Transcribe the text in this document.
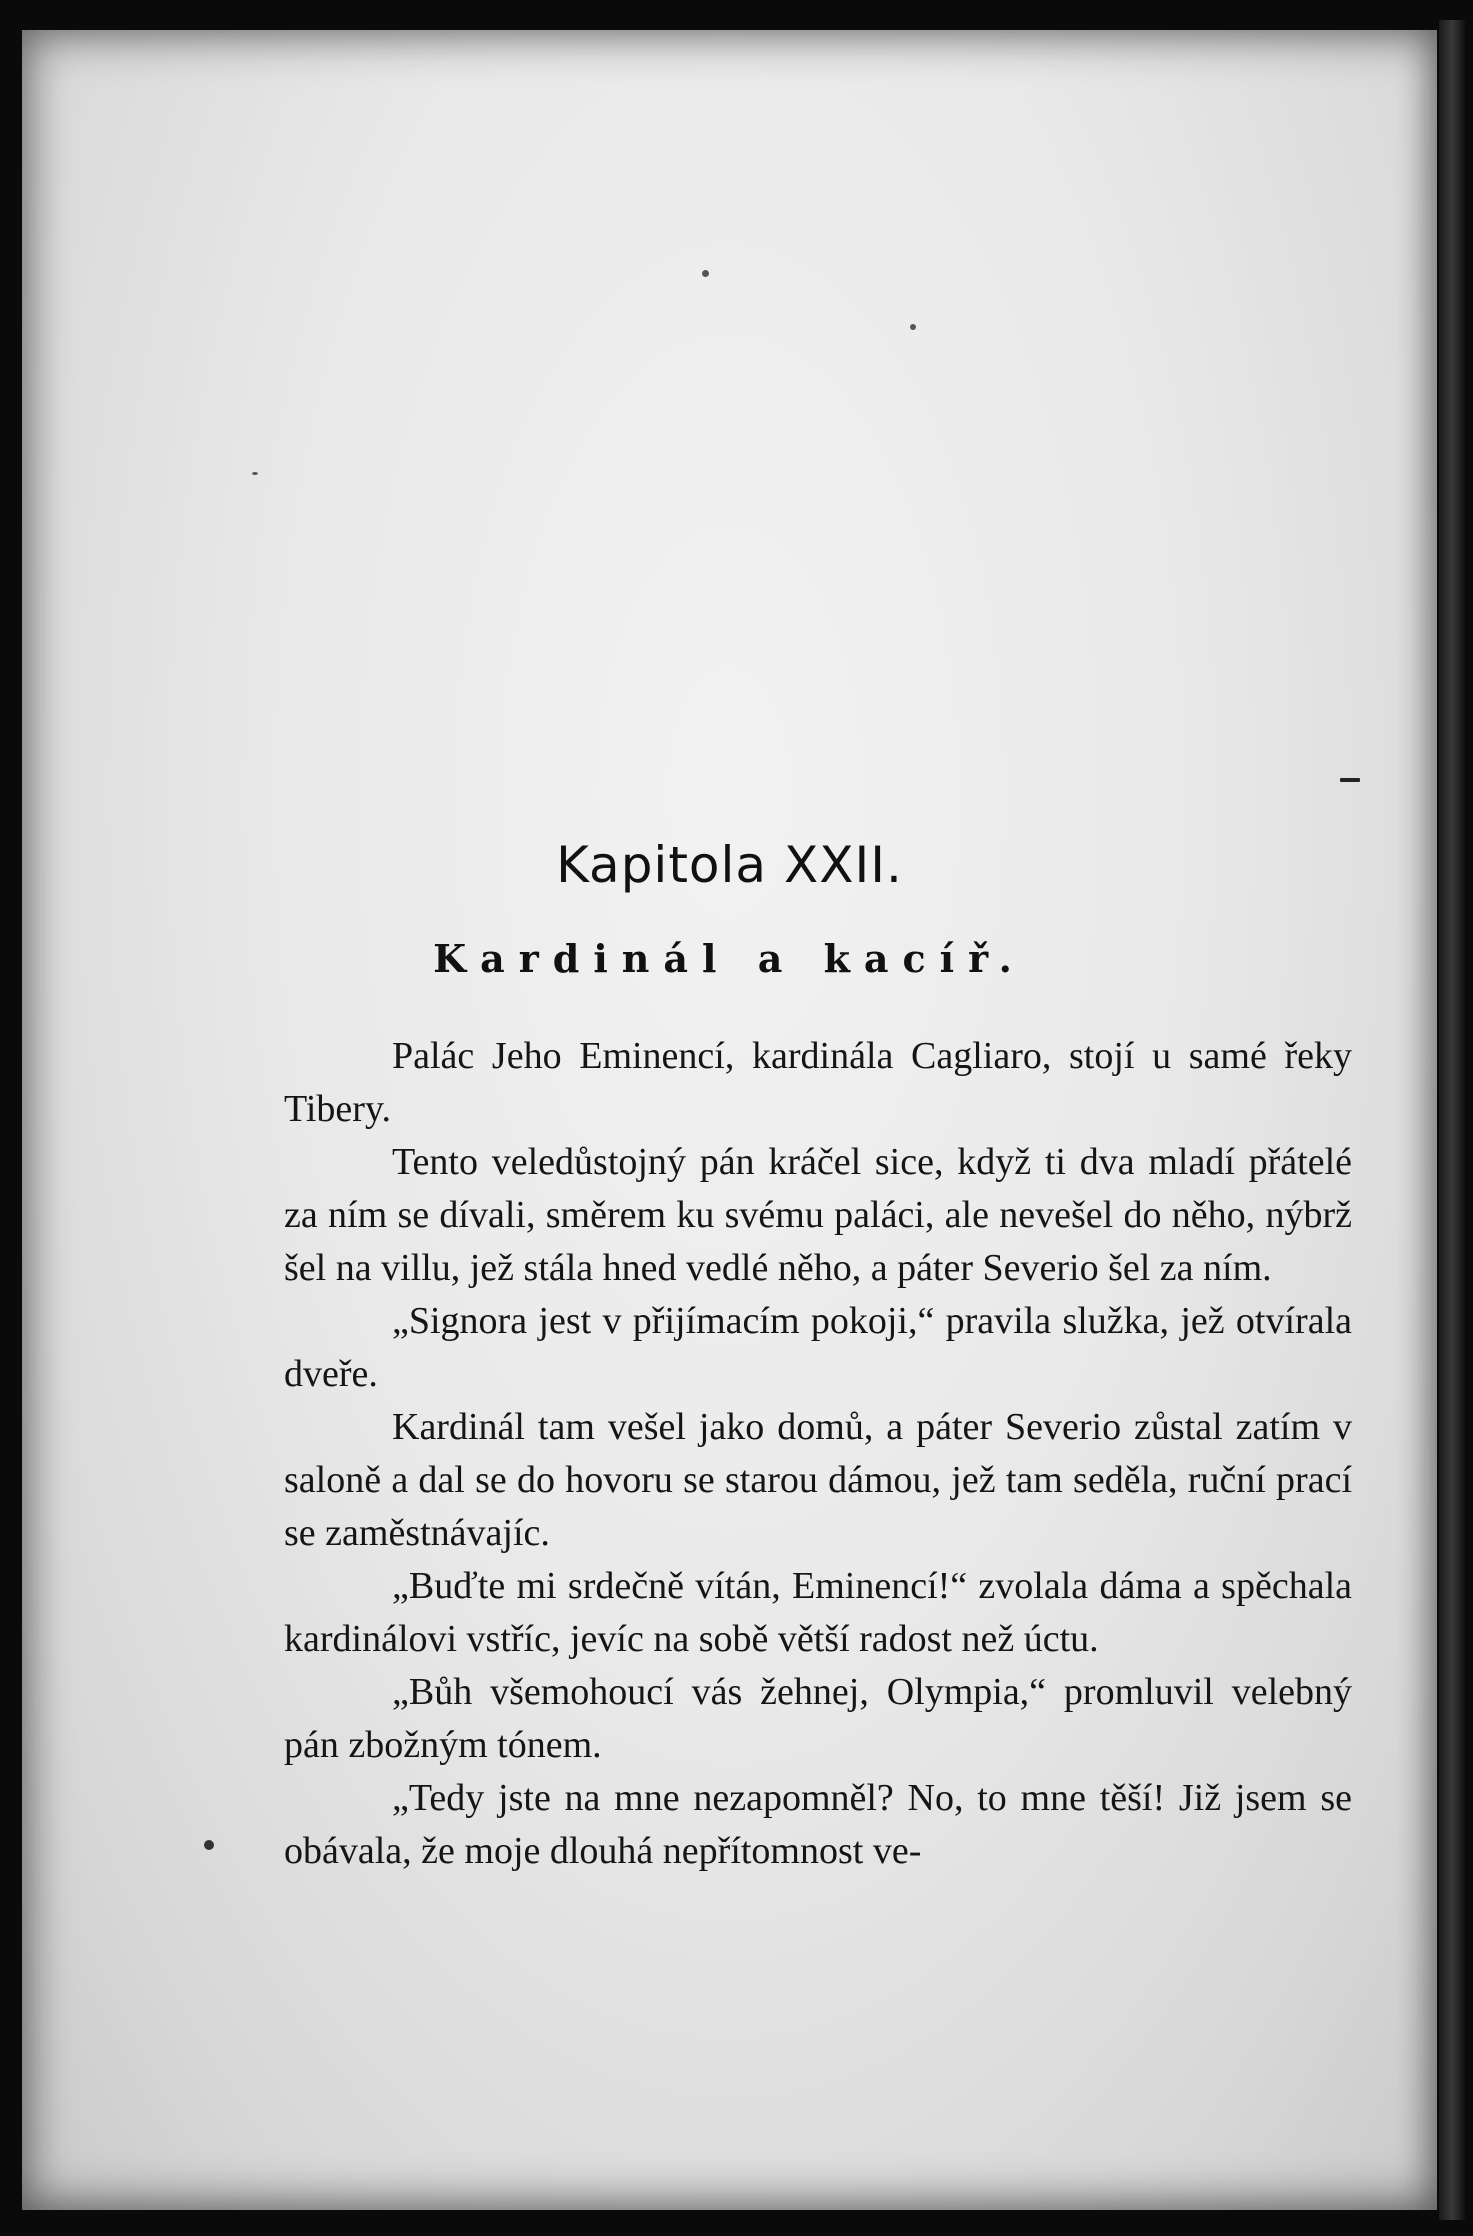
Kapitola XXII.
Kardinál a kacíř.

Palác Jeho Eminencí, kardinála Cagliaro, stojí u samé řeky Tibery.

Tento veledůstojný pán kráčel sice, když ti dva mladí přátelé za ním se dívali, směrem ku svému paláci, ale nevešel do něho, nýbrž šel na villu, jež stála hned vedlé něho, a páter Severio šel za ním.

„Signora jest v přijímacím pokoji,“ pravila služka, jež otvírala dveře.

Kardinál tam vešel jako domů, a páter Severio zůstal zatím v saloně a dal se do hovoru se starou dámou, jež tam seděla, ruční prací se zaměstnávajíc.

„Buďte mi srdečně vítán, Eminencí!“ zvolala dáma a spěchala kardinálovi vstříc, jevíc na sobě větší radost než úctu.

„Bůh všemohoucí vás žehnej, Olympia,“ promluvil velebný pán zbožným tónem.

„Tedy jste na mne nezapomněl? No, to mne těší! Již jsem se obávala, že moje dlouhá nepřítomnost ve-
